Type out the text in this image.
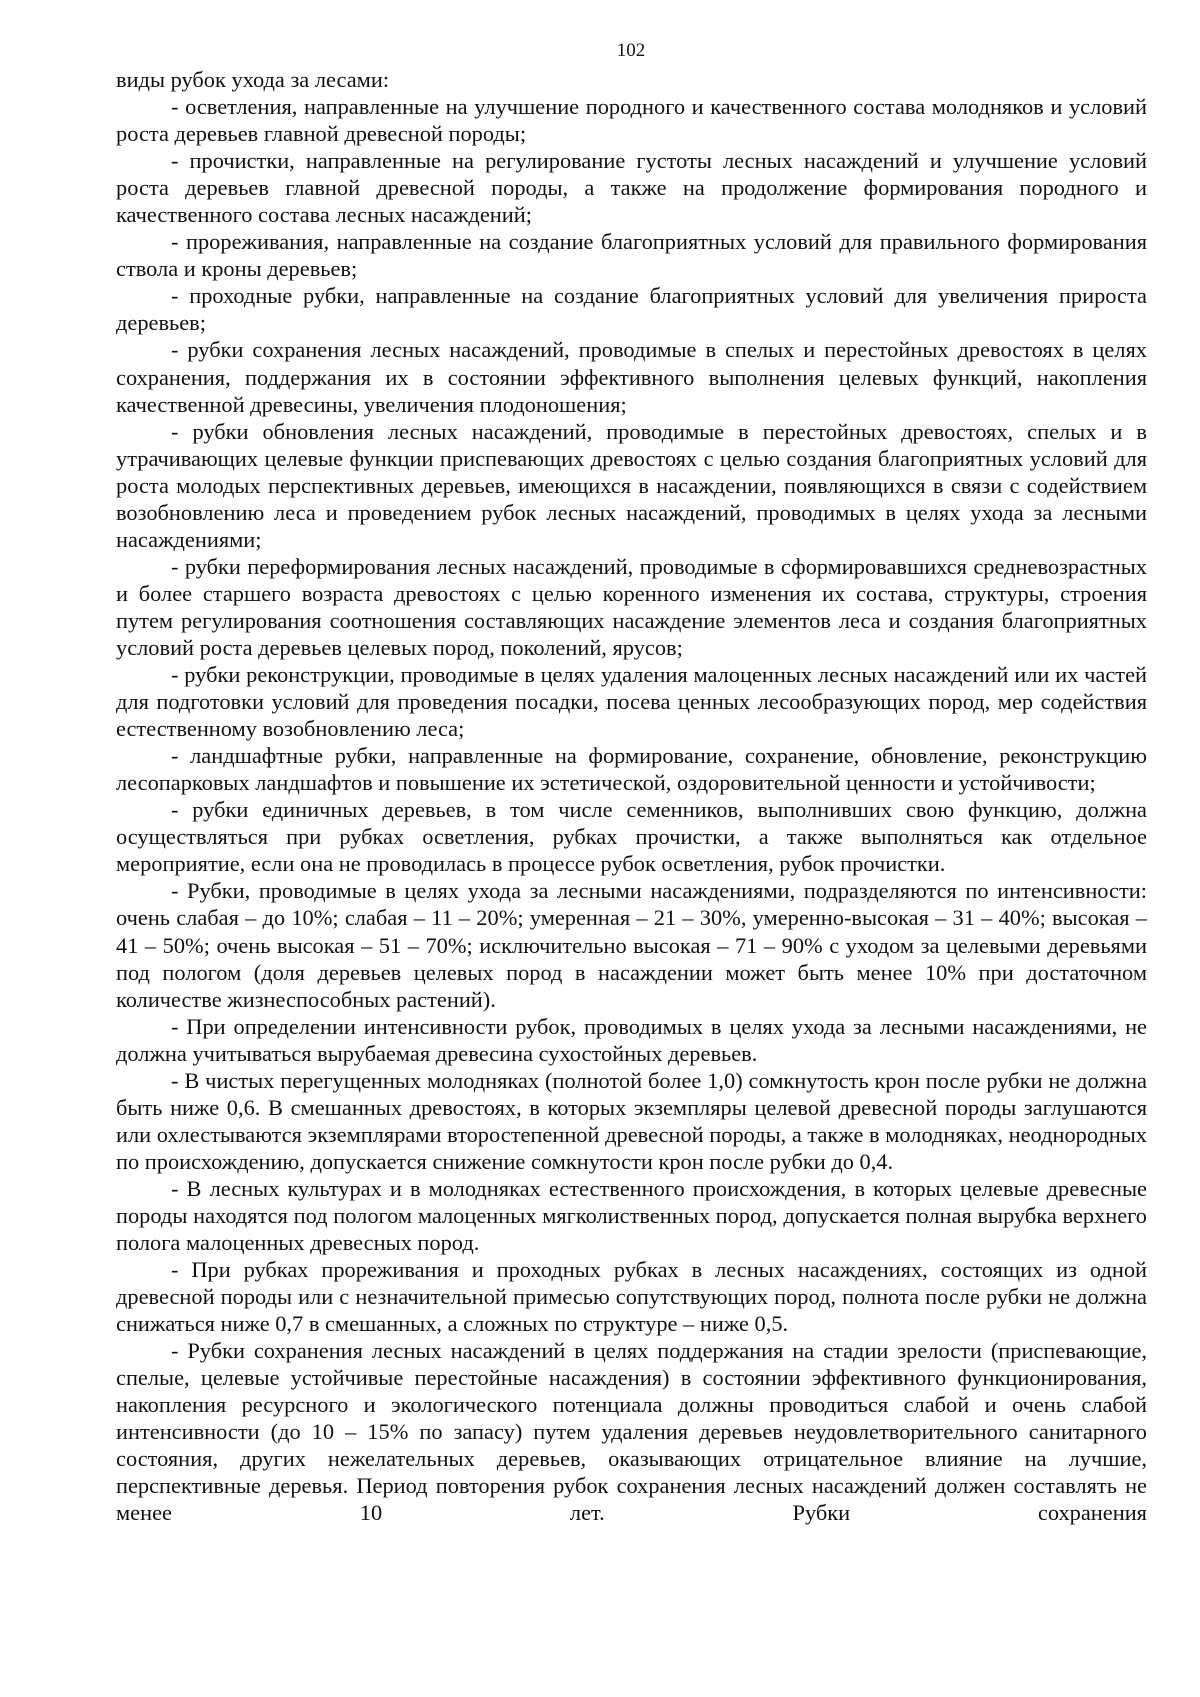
102

виды рубок ухода за лесами:

- осветления, направленные на улучшение породного и качественного состава молодняков и условий роста деревьев главной древесной породы;

- прочистки, направленные на регулирование густоты лесных насаждений и улучшение условий роста деревьев главной древесной породы, а также на продолжение формирования породного и качественного состава лесных насаждений;

- прореживания, направленные на создание благоприятных условий для правильного формирования ствола и кроны деревьев;

- проходные рубки, направленные на создание благоприятных условий для увеличения прироста деревьев;

- рубки сохранения лесных насаждений, проводимые в спелых и перестойных древостоях в целях сохранения, поддержания их в состоянии эффективного выполнения целевых функций, накопления качественной древесины, увеличения плодоношения;

- рубки обновления лесных насаждений, проводимые в перестойных древостоях, спелых и в утрачивающих целевые функции приспевающих древостоях с целью создания благоприятных условий для роста молодых перспективных деревьев, имеющихся в насаждении, появляющихся в связи с содействием возобновлению леса и проведением рубок лесных насаждений, проводимых в целях ухода за лесными насаждениями;

- рубки переформирования лесных насаждений, проводимые в сформировавшихся средневозрастных и более старшего возраста древостоях с целью коренного изменения их состава, структуры, строения путем регулирования соотношения составляющих насаждение элементов леса и создания благоприятных условий роста деревьев целевых пород, поколений, ярусов;

- рубки реконструкции, проводимые в целях удаления малоценных лесных насаждений или их частей для подготовки условий для проведения посадки, посева ценных лесообразующих пород, мер содействия естественному возобновлению леса;

- ландшафтные рубки, направленные на формирование, сохранение, обновление, реконструкцию лесопарковых ландшафтов и повышение их эстетической, оздоровительной ценности и устойчивости;

- рубки единичных деревьев, в том числе семенников, выполнивших свою функцию, должна осуществляться при рубках осветления, рубках прочистки, а также выполняться как отдельное мероприятие, если она не проводилась в процессе рубок осветления, рубок прочистки.

- Рубки, проводимые в целях ухода за лесными насаждениями, подразделяются по интенсивности: очень слабая – до 10%; слабая – 11 – 20%; умеренная – 21 – 30%, умеренно-высокая – 31 – 40%; высокая – 41 – 50%; очень высокая – 51 – 70%; исключительно высокая – 71 – 90% с уходом за целевыми деревьями под пологом (доля деревьев целевых пород в насаждении может быть менее 10% при достаточном количестве жизнеспособных растений).

- При определении интенсивности рубок, проводимых в целях ухода за лесными насаждениями, не должна учитываться вырубаемая древесина сухостойных деревьев.

- В чистых перегущенных молодняках (полнотой более 1,0) сомкнутость крон после рубки не должна быть ниже 0,6. В смешанных древостоях, в которых экземпляры целевой древесной породы заглушаются или охлестываются экземплярами второстепенной древесной породы, а также в молодняках, неоднородных по происхождению, допускается снижение сомкнутости крон после рубки до 0,4.

- В лесных культурах и в молодняках естественного происхождения, в которых целевые древесные породы находятся под пологом малоценных мягколиственных пород, допускается полная вырубка верхнего полога малоценных древесных пород.

- При рубках прореживания и проходных рубках в лесных насаждениях, состоящих из одной древесной породы или с незначительной примесью сопутствующих пород, полнота после рубки не должна снижаться ниже 0,7 в смешанных, а сложных по структуре – ниже 0,5.

- Рубки сохранения лесных насаждений в целях поддержания на стадии зрелости (приспевающие, спелые, целевые устойчивые перестойные насаждения) в состоянии эффективного функционирования, накопления ресурсного и экологического потенциала должны проводиться слабой и очень слабой интенсивности (до 10 – 15% по запасу) путем удаления деревьев неудовлетворительного санитарного состояния, других нежелательных деревьев, оказывающих отрицательное влияние на лучшие, перспективные деревья. Период повторения рубок сохранения лесных насаждений должен составлять не менее 10 лет. Рубки сохранения
